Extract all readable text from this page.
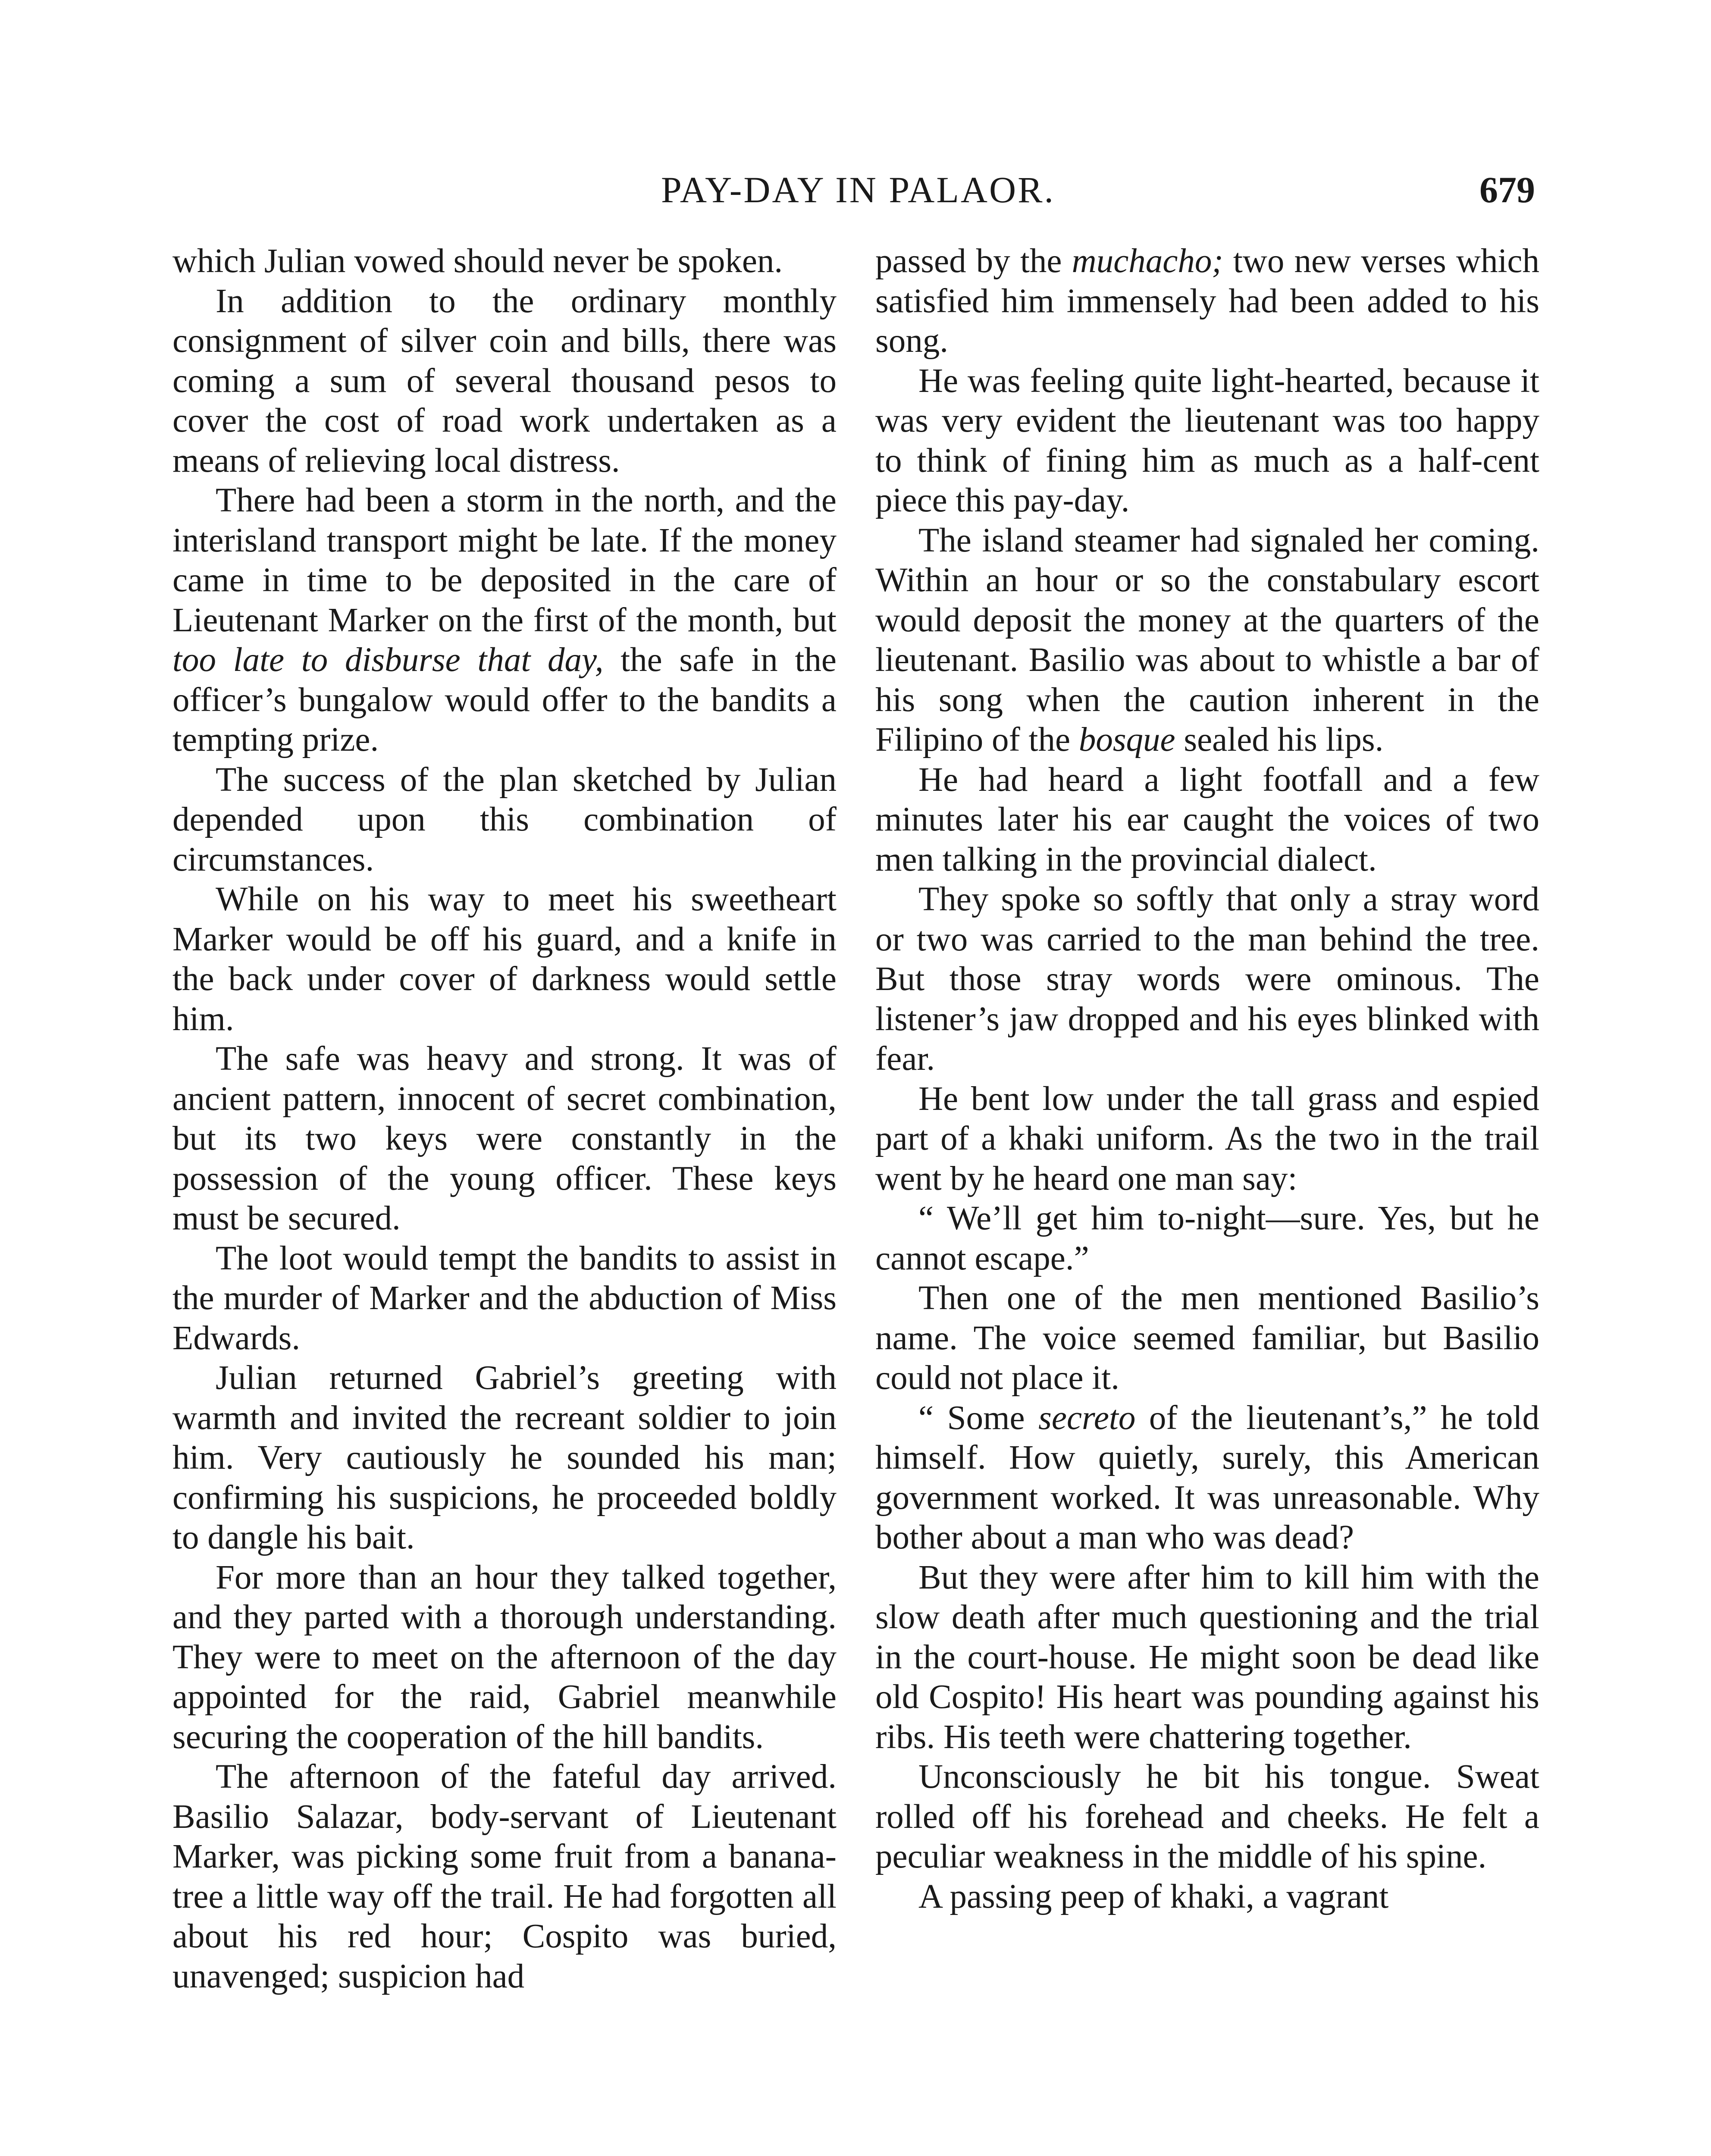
PAY-DAY IN PALAOR.	679

which Julian vowed should never be spoken.

In addition to the ordinary monthly consignment of silver coin and bills, there was coming a sum of several thousand pesos to cover the cost of road work undertaken as a means of relieving local distress.

There had been a storm in the north, and the interisland transport might be late. If the money came in time to be deposited in the care of Lieutenant Marker on the first of the month, but too late to disburse that day, the safe in the officer’s bungalow would offer to the bandits a tempting prize.

The success of the plan sketched by Julian depended upon this combination of circumstances.

While on his way to meet his sweetheart Marker would be off his guard, and a knife in the back under cover of darkness would settle him.

The safe was heavy and strong. It was of ancient pattern, innocent of secret combination, but its two keys were constantly in the possession of the young officer. These keys must be secured.

The loot would tempt the bandits to assist in the murder of Marker and the abduction of Miss Edwards.

Julian returned Gabriel’s greeting with warmth and invited the recreant soldier to join him. Very cautiously he sounded his man; confirming his suspicions, he proceeded boldly to dangle his bait.

For more than an hour they talked together, and they parted with a thorough understanding. They were to meet on the afternoon of the day appointed for the raid, Gabriel meanwhile securing the cooperation of the hill bandits.

The afternoon of the fateful day arrived. Basilio Salazar, body-servant of Lieutenant Marker, was picking some fruit from a banana-tree a little way off the trail. He had forgotten all about his red hour; Cospito was buried, unavenged; suspicion had

passed by the muchacho; two new verses which satisfied him immensely had been added to his song.

He was feeling quite light-hearted, because it was very evident the lieutenant was too happy to think of fining him as much as a half-cent piece this pay-day.

The island steamer had signaled her coming. Within an hour or so the constabulary escort would deposit the money at the quarters of the lieutenant. Basilio was about to whistle a bar of his song when the caution inherent in the Filipino of the bosque sealed his lips.

He had heard a light footfall and a few minutes later his ear caught the voices of two men talking in the provincial dialect.

They spoke so softly that only a stray word or two was carried to the man behind the tree. But those stray words were ominous. The listener’s jaw dropped and his eyes blinked with fear.

He bent low under the tall grass and espied part of a khaki uniform. As the two in the trail went by he heard one man say:

“ We’ll get him to-night—sure. Yes, but he cannot escape.”

Then one of the men mentioned Basilio’s name. The voice seemed familiar, but Basilio could not place it.

“ Some secreto of the lieutenant’s,” he told himself. How quietly, surely, this American government worked. It was unreasonable. Why bother about a man who was dead?

But they were after him to kill him with the slow death after much questioning and the trial in the court-house. He might soon be dead like old Cospito! His heart was pounding against his ribs. His teeth were chattering together.

Unconsciously he bit his tongue. Sweat rolled off his forehead and cheeks. He felt a peculiar weakness in the middle of his spine.

A passing peep of khaki, a vagrant
